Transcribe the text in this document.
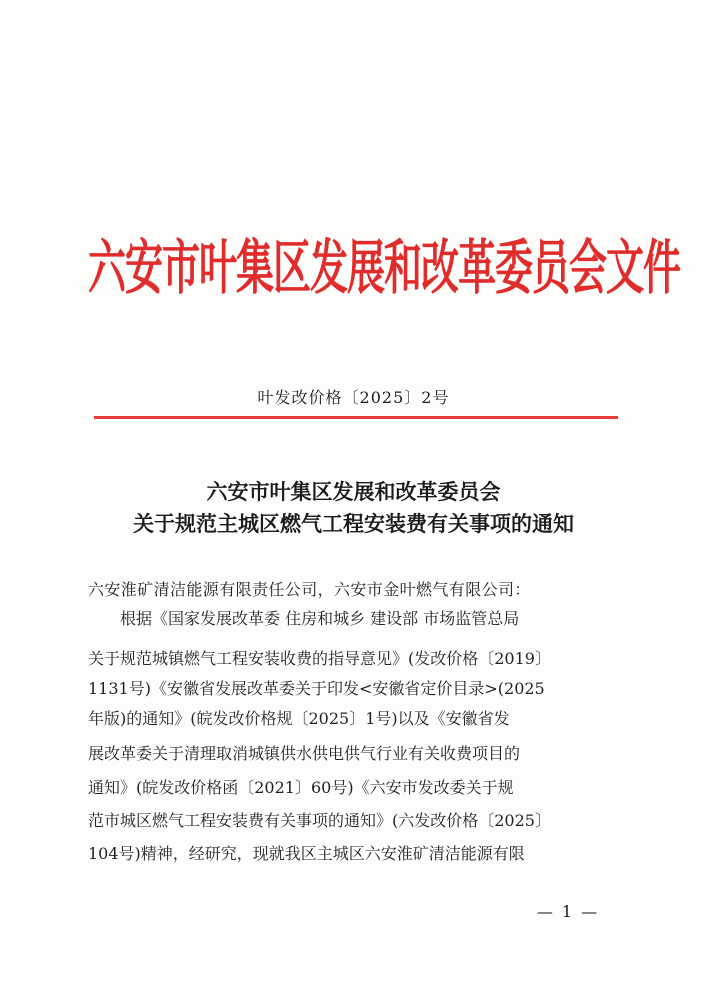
六安市叶集区发展和改革委员会文件
叶发改价格〔2025〕2号
六安市叶集区发展和改革委员会
关于规范主城区燃气工程安装费有关事项的通知
六安淮矿清洁能源有限责任公司，六安市金叶燃气有限公司：
根据《国家发展改革委 住房和城乡 建设部 市场监管总局
关于规范城镇燃气工程安装收费的指导意见》(发改价格〔2019〕
1131号)《安徽省发展改革委关于印发<安徽省定价目录>(2025
年版)的通知》(皖发改价格规〔2025〕1号)以及《安徽省发
展改革委关于清理取消城镇供水供电供气行业有关收费项目的
通知》(皖发改价格函〔2021〕60号)《六安市发改委关于规
范市城区燃气工程安装费有关事项的通知》(六发改价格〔2025〕
104号)精神，经研究，现就我区主城区六安淮矿清洁能源有限
— 1 —
